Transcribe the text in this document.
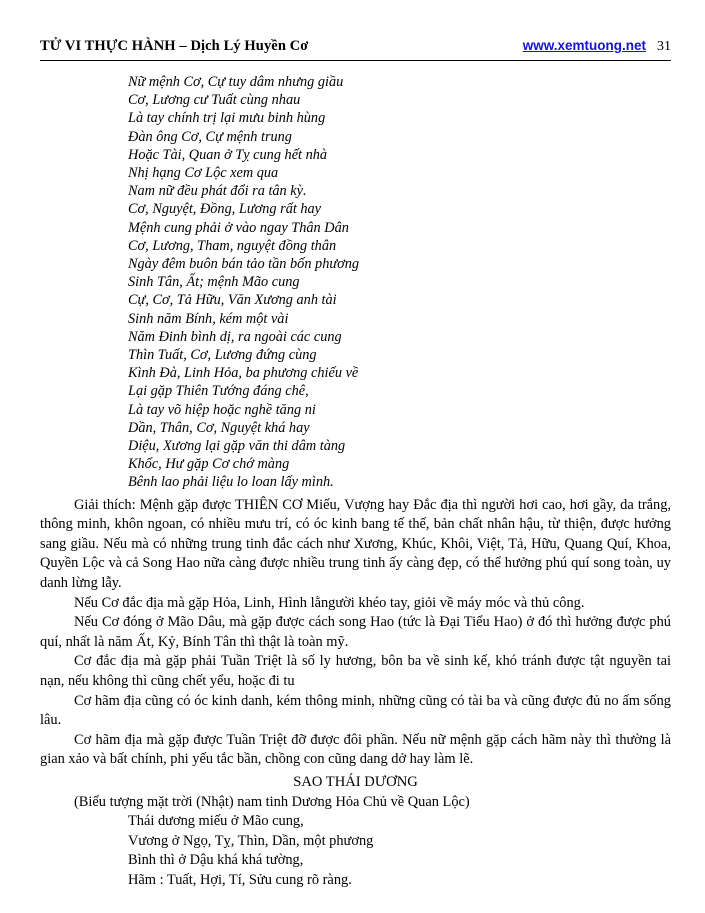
TỬ VI THỰC HÀNH – Dịch Lý Huyền Cơ	www.xemtuong.net 31
Nữ mệnh Cơ, Cự tuy dâm nhưng giầu
Cơ, Lương cư Tuất cùng nhau
Là tay chính trị lại mưu binh hùng
Đàn ông Cơ, Cự mệnh trung
Hoặc Tài, Quan ở Tỵ cung hết nhà
Nhị hạng Cơ Lộc xem qua
Nam nữ đều phát đổi ra tân kỳ.
Cơ, Nguyệt, Đồng, Lương rất hay
Mệnh cung phải ở vào ngay Thân Dân
Cơ, Lương, Tham, nguyệt đồng thân
Ngày đêm buôn bán tảo tần bốn phương
Sinh Tân, Ất; mệnh Mão cung
Cự, Cơ, Tả Hữu, Văn Xương anh tài
Sinh năm Bính, kém một vài
Năm Đinh bình dị, ra ngoài các cung
Thìn Tuất, Cơ, Lương đứng cùng
Kình Đà, Linh Hỏa, ba phương chiếu về
Lại gặp Thiên Tướng đáng chê,
Là tay võ hiệp hoặc nghề tăng ni
Dần, Thân, Cơ, Nguyệt khá hay
Diệu, Xương lại gặp văn thi dâm tàng
Khốc, Hư gặp Cơ chớ màng
Bênh lao phải liệu lo loan lấy mình.

Giải thích: Mệnh gặp được THIÊN CƠ Miếu, Vượng hay Đắc địa thì người hơi cao, hơi gầy, da trắng, thông minh, khôn ngoan, có nhiều mưu trí, có óc kinh bang tế thế, bản chất nhân hậu, từ thiện, được hưởng sang giầu. Nếu mà có những trung tinh đắc cách như Xương, Khúc, Khôi, Việt, Tả, Hữu, Quang Quí, Khoa, Quyền Lộc và cả Song Hao nữa càng được nhiều trung tinh ấy càng đẹp, có thể hưởng phú quí song toàn, uy danh lừng lẫy.

Nếu Cơ đắc địa mà gặp Hỏa, Linh, Hình lằngười khéo tay, giỏi về máy móc và thủ công.

Nếu Cơ đóng ở Mão Dâu, mà gặp được cách song Hao (tức là Đại Tiểu Hao) ở đó thì hưởng được phú quí, nhất là năm Ất, Kỷ, Bính Tân thì thật là toàn mỹ.

Cơ đắc địa mà gặp phải Tuần Triệt là số ly hương, bôn ba về sinh kế, khó tránh được tật nguyền tai nạn, nếu không thì cũng chết yểu, hoặc đi tu

Cơ hãm địa cũng có óc kinh danh, kém thông minh, những cũng có tài ba và cũng được đủ no ấm sống lâu.

Cơ hãm địa mà gặp được Tuần Triệt đỡ được đôi phần. Nếu nữ mệnh gặp cách hãm này thì thường là gian xảo và bất chính, phi yếu tắc bần, chồng con cũng dang dở hay làm lẽ.

SAO THÁI DƯƠNG
(Biểu tượng mặt trời (Nhật) nam tinh Dương Hỏa Chủ về Quan Lộc)
Thái dương miếu ở Mão cung,
Vương ở Ngọ, Tỵ, Thìn, Dần, một phương
Bình thì ở Dậu khá khá tường,
Hãm : Tuất, Hợi, Tí, Sửu cung rõ ràng.
